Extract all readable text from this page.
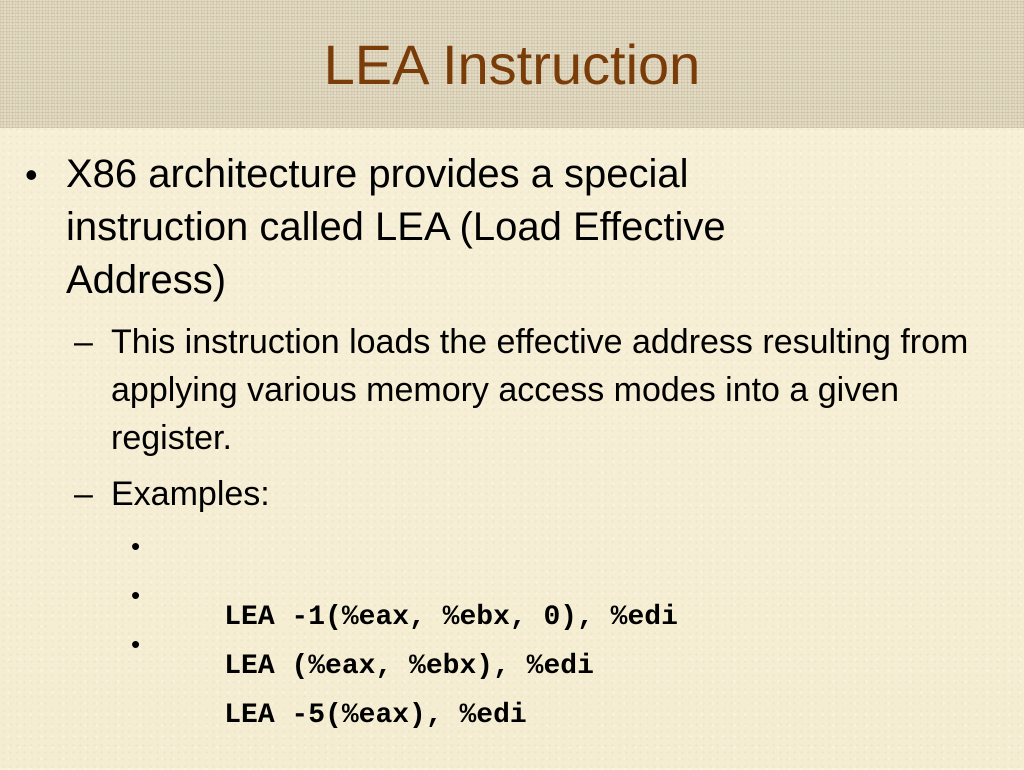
LEA Instruction
• X86 architecture provides a special instruction called LEA (Load Effective Address)
– This instruction loads the effective address resulting from applying various memory access modes into a given register.
– Examples:

•

LEA -1(%eax, %ebx, 0), %edi

•

LEA (%eax, %ebx), %edi

•

LEA -5(%eax), %edi
